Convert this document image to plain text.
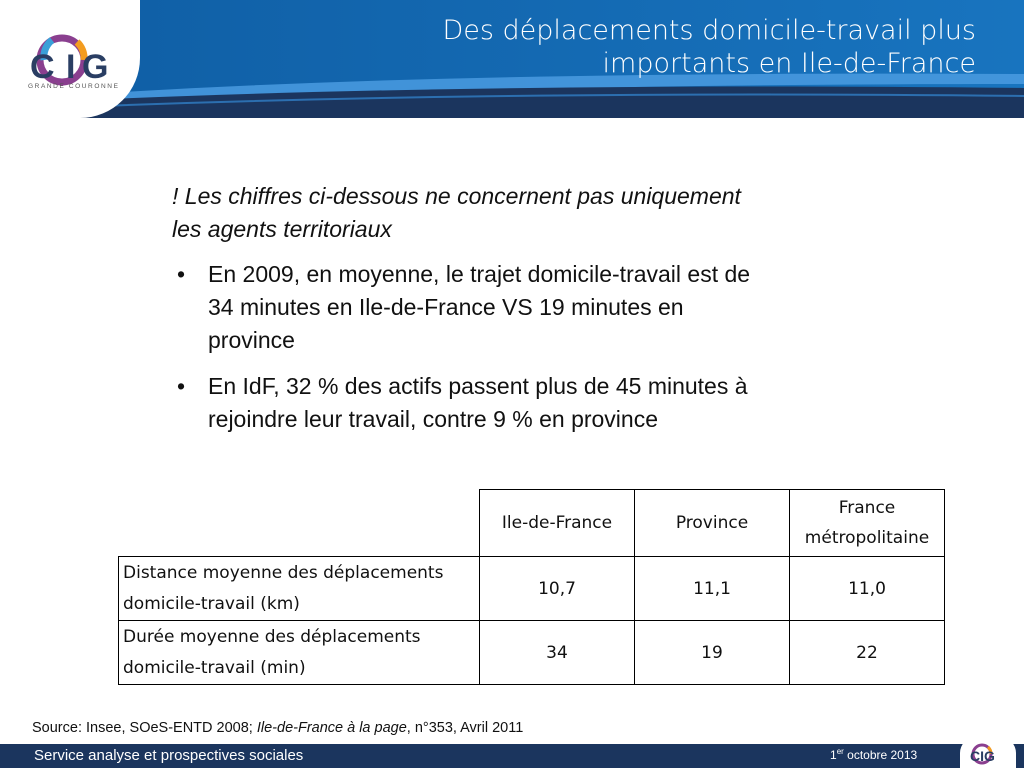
C I G
GRANDE COURONNE
Des déplacements domicile-travail plus
importants en Ile-de-France
! Les chiffres ci-dessous ne concernent pas uniquement
les agents territoriaux
• En 2009, en moyenne, le trajet domicile-travail est de
34 minutes en Ile-de-France VS 19 minutes en
province
• En IdF, 32 % des actifs passent plus de 45 minutes à
rejoindre leur travail, contre 9 % en province

	Ile-de-France	Province	France
métropolitaine

Distance moyenne des déplacements
domicile-travail (km)	10,7	11,1	11,0

Durée moyenne des déplacements
domicile-travail (min)	34	19	22
Source: Insee, SOeS-ENTD 2008; Ile-de-France à la page, n°353, Avril 2011
Service analyse et prospectives sociales	1er octobre 2013	CIG
